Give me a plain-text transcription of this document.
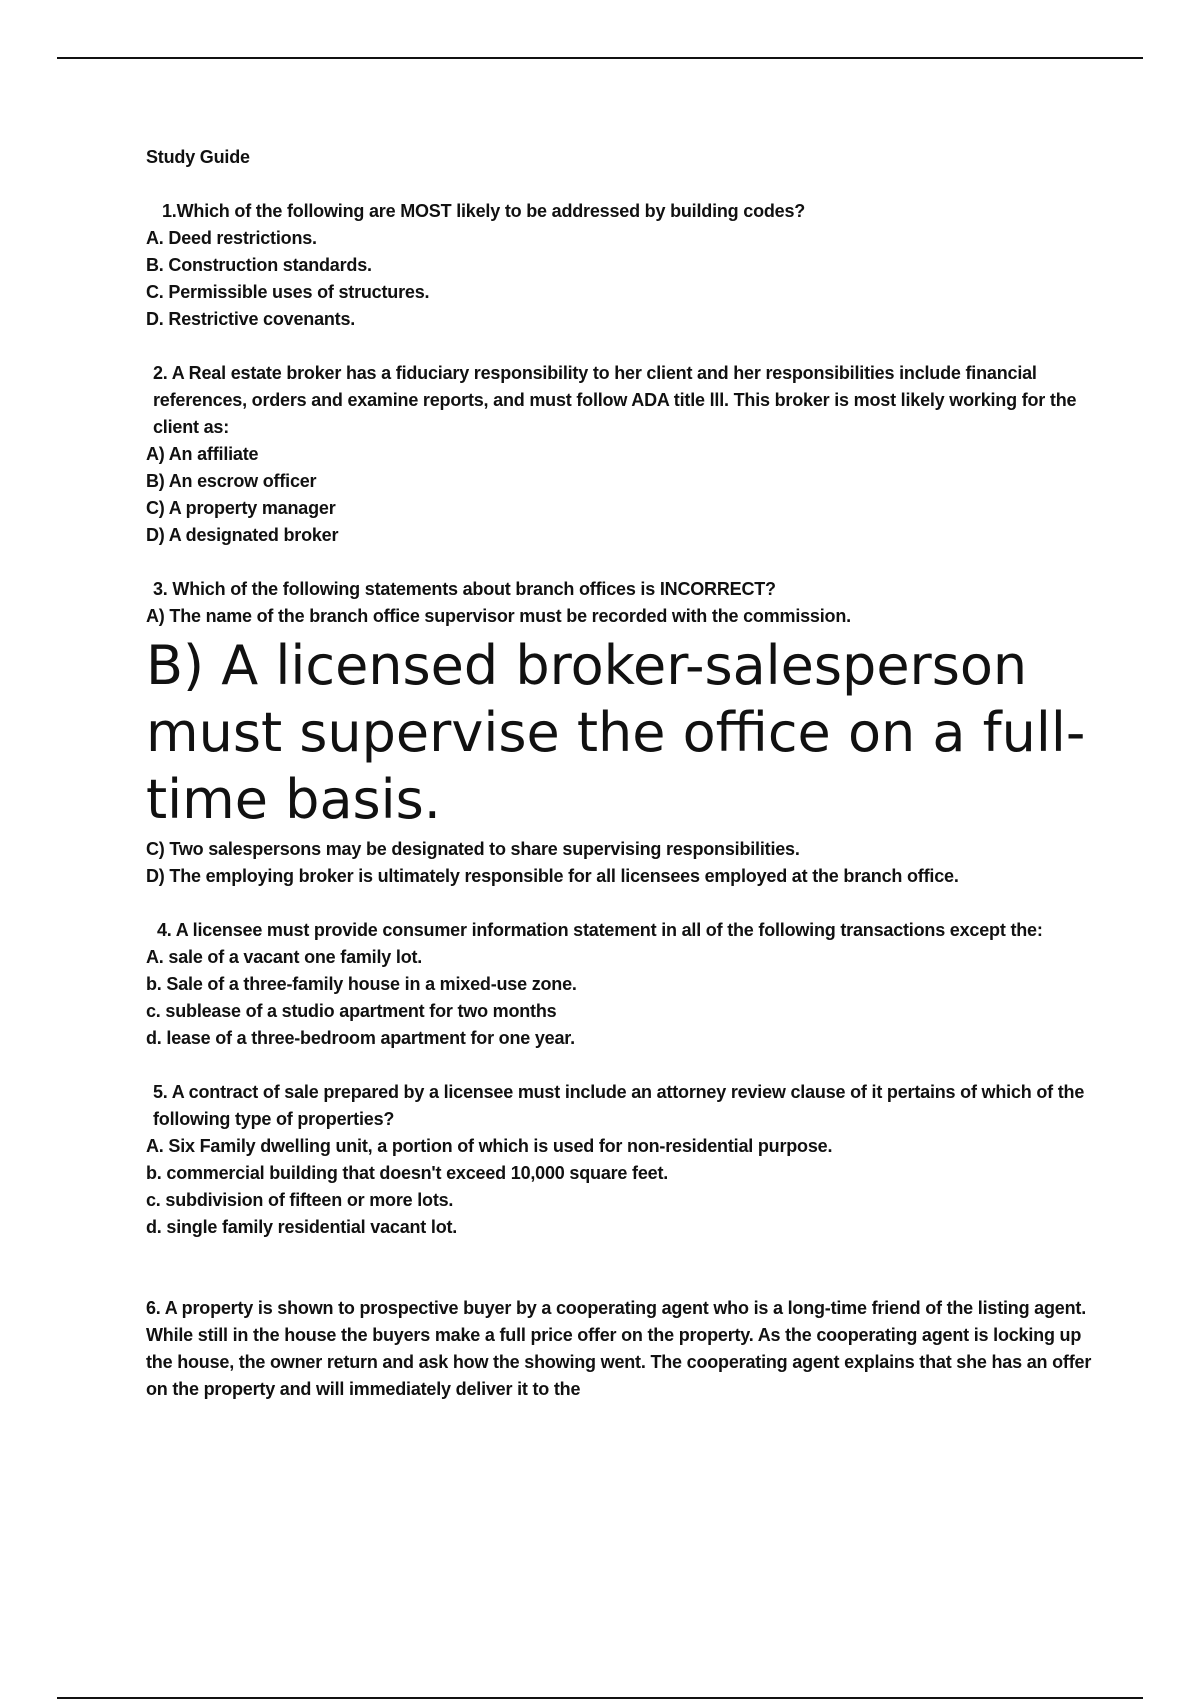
Study Guide

1.Which of the following are MOST likely to be addressed by building codes?

A. Deed restrictions.

B. Construction standards.

C. Permissible uses of structures.

D. Restrictive covenants.

2. A Real estate broker has a fiduciary responsibility to her client and her responsibilities include financial references, orders and examine reports, and must follow ADA title lll. This broker is most likely working for the client as:

A) An affiliate

B) An escrow officer

C) A property manager

D) A designated broker

3. Which of the following statements about branch offices is INCORRECT?

A) The name of the branch office supervisor must be recorded with the commission.

B) A licensed broker-salesperson must supervise the office on a full-time basis.

C) Two salespersons may be designated to share supervising responsibilities.

D) The employing broker is ultimately responsible for all licensees employed at the branch office.

4. A licensee must provide consumer information statement in all of the following transactions except the:

A. sale of a vacant one family lot.

b. Sale of a three-family house in a mixed-use zone.

c. sublease of a studio apartment for two months

d. lease of a three-bedroom apartment for one year.

5. A contract of sale prepared by a licensee must include an attorney review clause of it pertains of which of the following type of properties?

A. Six Family dwelling unit, a portion of which is used for non-residential purpose.

b. commercial building that doesn't exceed 10,000 square feet.

c. subdivision of fifteen or more lots.

d. single family residential vacant lot.

6. A property is shown to prospective buyer by a cooperating agent who is a long-time friend of the listing agent. While still in the house the buyers make a full price offer on the property. As the cooperating agent is locking up the house, the owner return and ask how the showing went. The cooperating agent explains that she has an offer on the property and will immediately deliver it to the
